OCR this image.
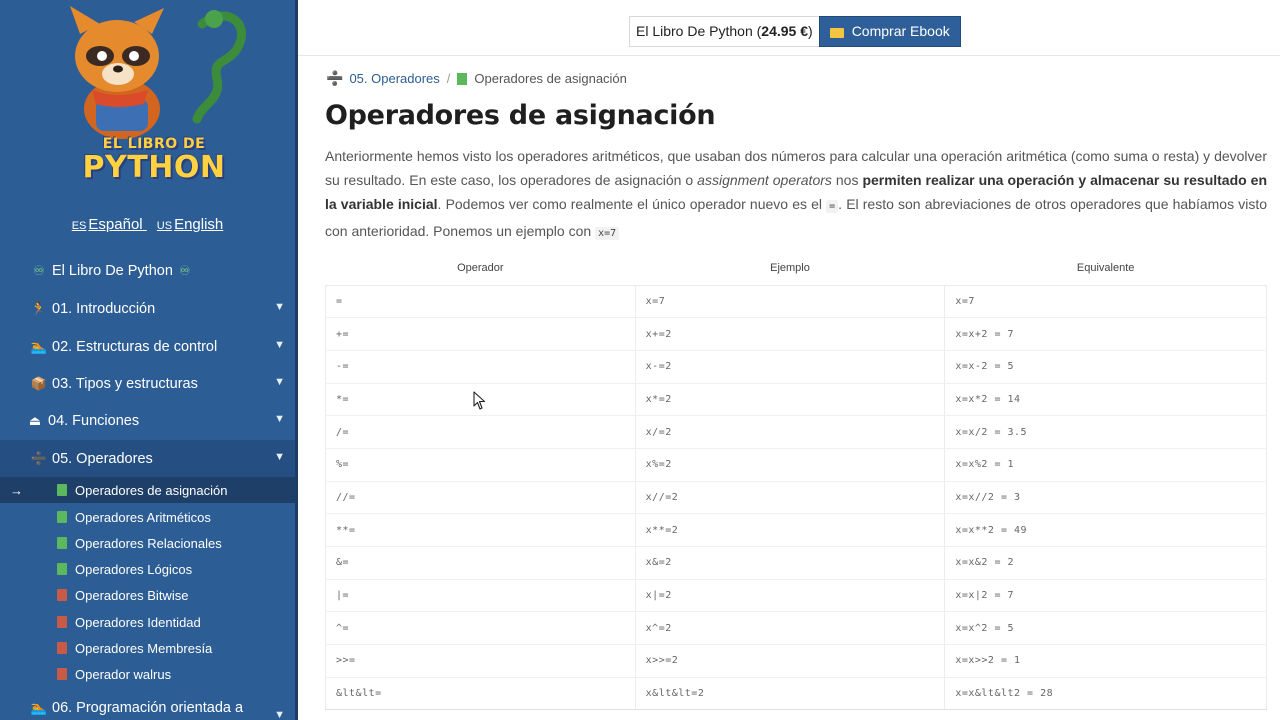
EL LIBRO DE
PYTHON
ES Español US English
♾ El Libro De Python ♾
🏃 01. Introducción	▼
🏊 02. Estructuras de control	▼
📦 03. Tipos y estructuras	▼
⏏ 04. Funciones	▼
➗ 05. Operadores	▼
→	Operadores de asignación
Operadores Aritméticos
Operadores Relacionales
Operadores Lógicos
Operadores Bitwise
Operadores Identidad
Operadores Membresía
Operador walrus
🏊 06. Programación orientada a	▼
El Libro De Python (24.95 €)	Comprar Ebook
➗ 05. Operadores / Operadores de asignación
Operadores de asignación

Anteriormente hemos visto los operadores aritméticos, que usaban dos números para calcular una operación aritmética (como suma o resta) y devolver su resultado. En este caso, los operadores de asignación o assignment operators nos permiten realizar una operación y almacenar su resultado en la variable inicial. Podemos ver como realmente el único operador nuevo es el = . El resto son abreviaciones de otros operadores que habíamos visto con anterioridad. Ponemos un ejemplo con x=7

Operador	Ejemplo	Equivalente
=	x=7	x=7
+=	x+=2	x=x+2 = 7
-=	x-=2	x=x-2 = 5
*=	x*=2	x=x*2 = 14
/=	x/=2	x=x/2 = 3.5
%=	x%=2	x=x%2 = 1
//=	x//=2	x=x//2 = 3
**=	x**=2	x=x**2 = 49
&=	x&=2	x=x&2 = 2
|=	x|=2	x=x|2 = 7
^=	x^=2	x=x^2 = 5
>>=	x>>=2	x=x>>2 = 1
&lt&lt=	x&lt&lt=2	x=x&lt&lt2 = 28
